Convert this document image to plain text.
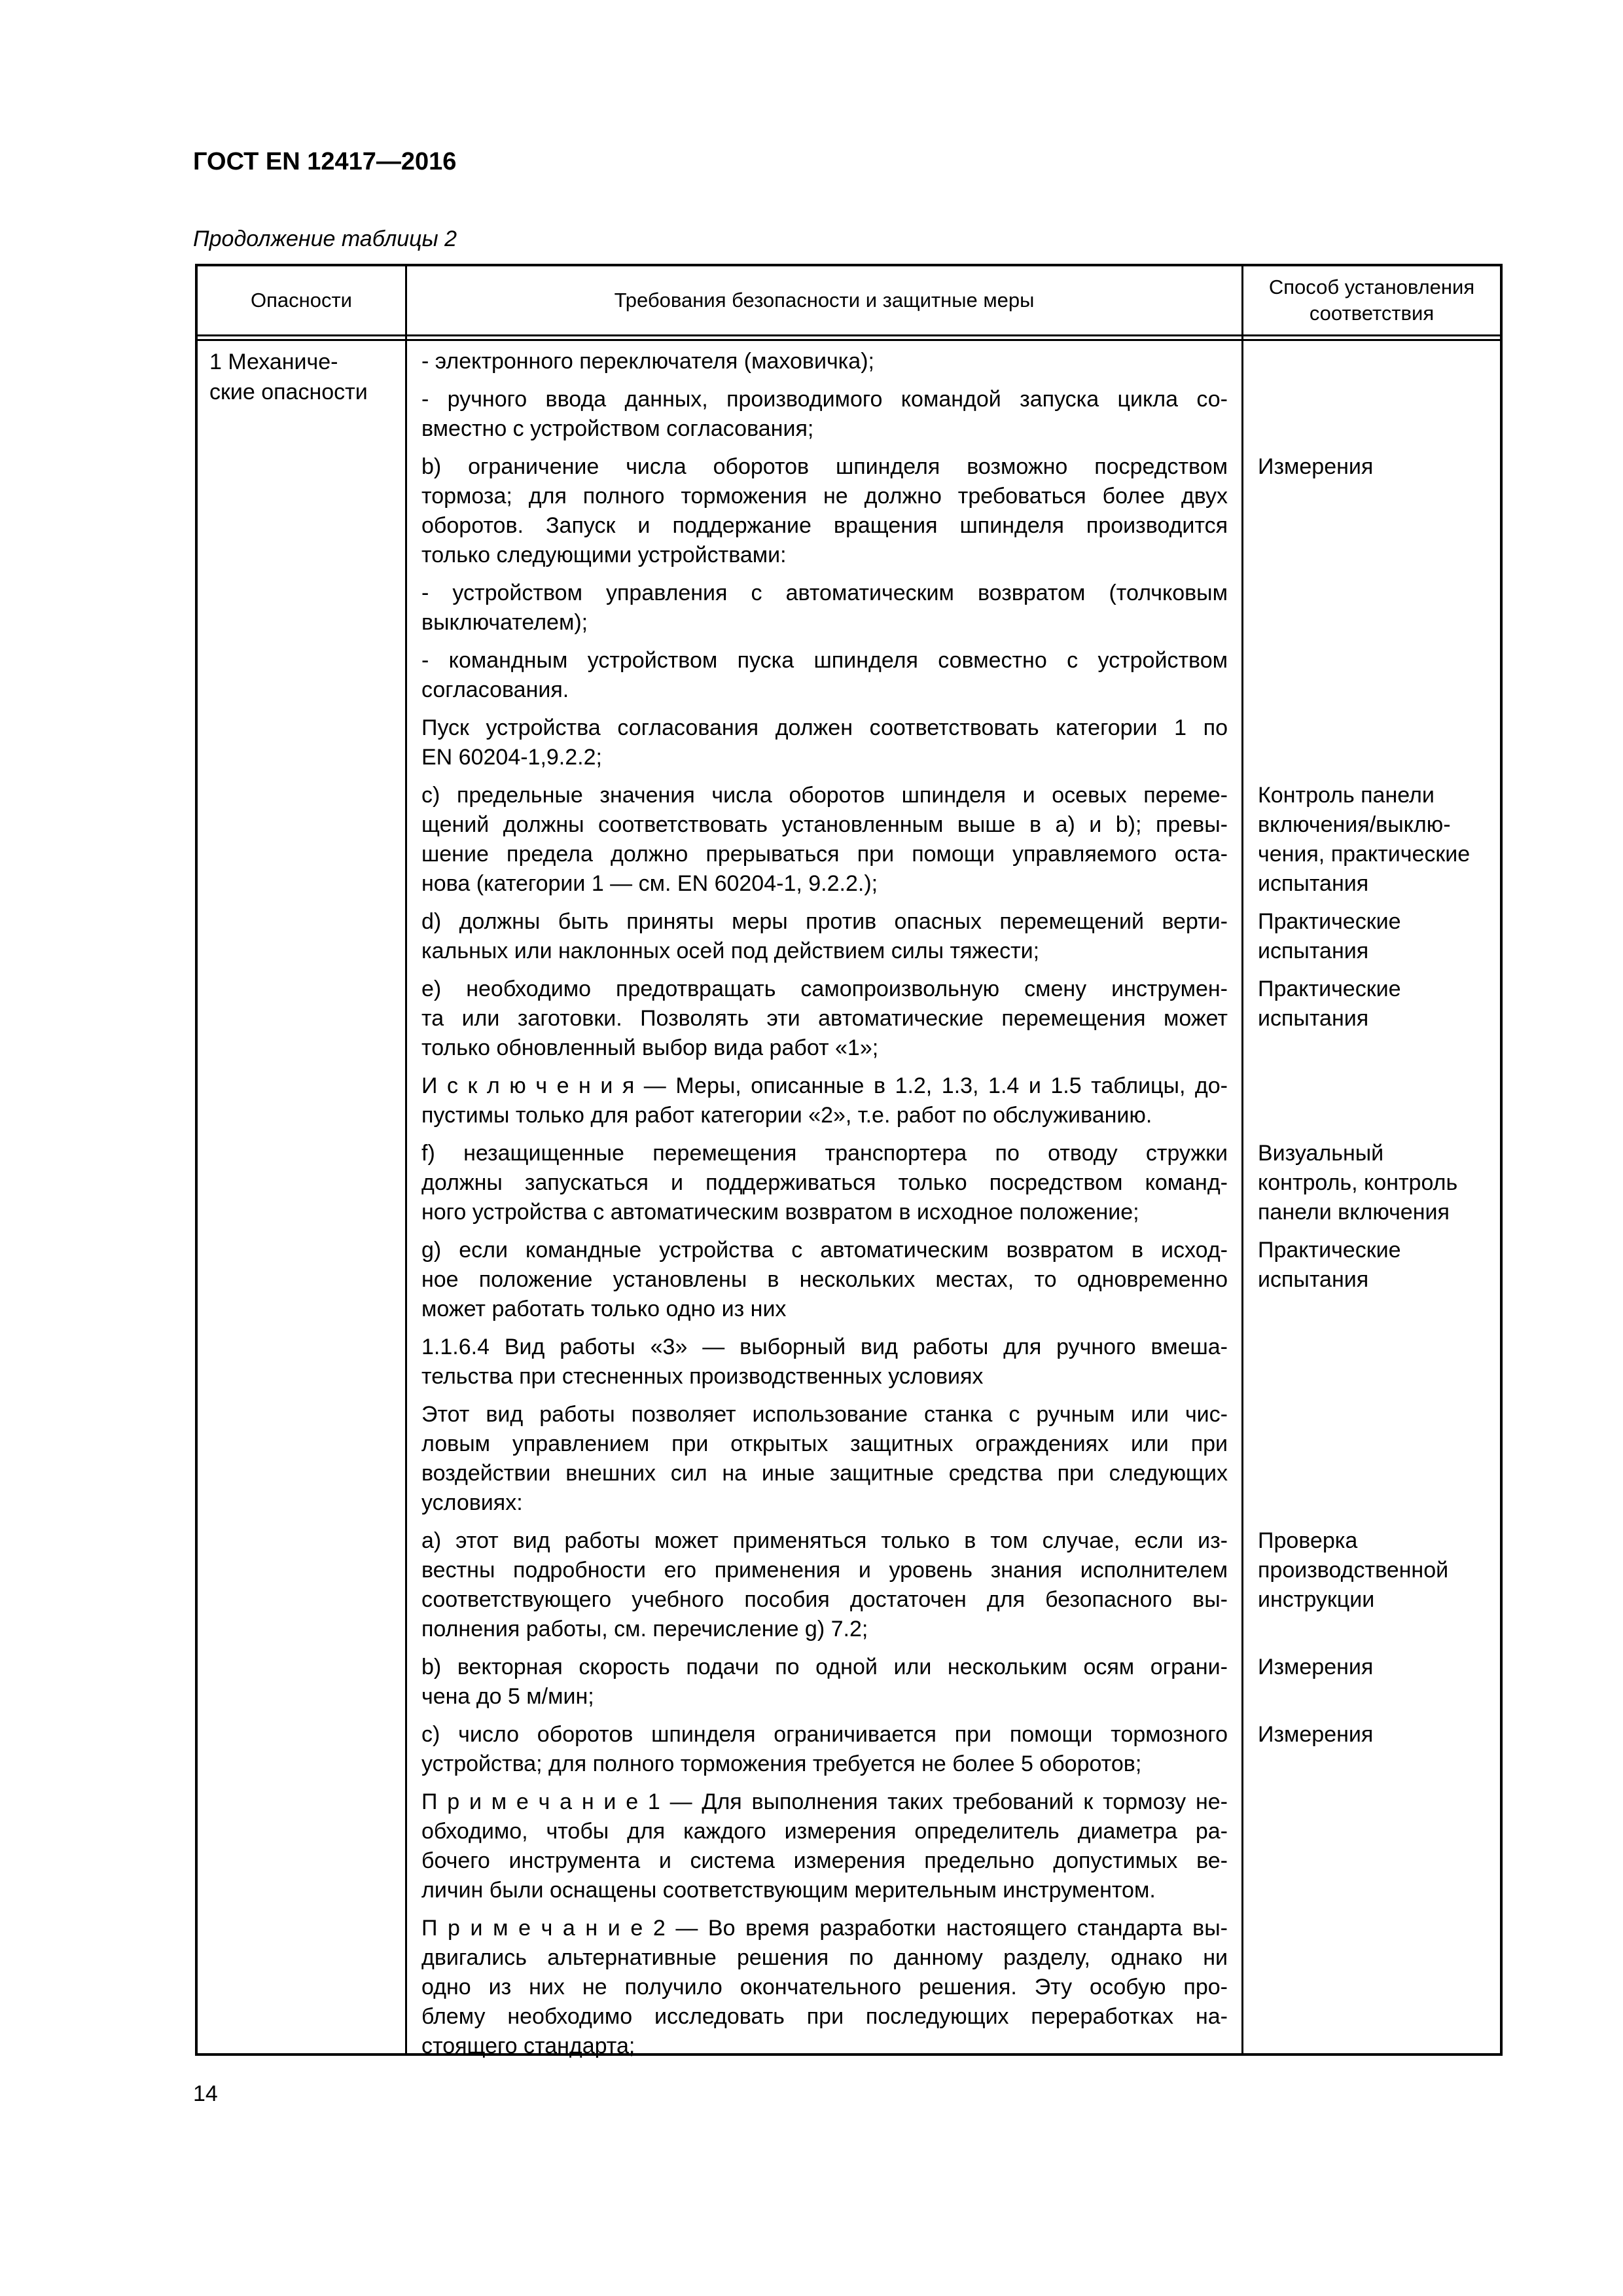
ГОСТ EN 12417—2016

Продолжение таблицы 2

Опасности	Требования безопасности и защитные меры
Способ установления
соответствия
1 Механиче-
ские опасности
- электронного переключателя (маховичка);
- ручного ввода данных, производимого командой запуска цикла со-
вместно с устройством согласования;
b) ограничение числа оборотов шпинделя возможно посредством
тормоза; для полного торможения не должно требоваться более двух
оборотов. Запуск и поддержание вращения шпинделя производится
только следующими устройствами:
- устройством управления с автоматическим возвратом (толчковым
выключателем);
- командным устройством пуска шпинделя совместно с устройством
согласования.
Пуск устройства согласования должен соответствовать категории 1 по
EN 60204-1,9.2.2;
c) предельные значения числа оборотов шпинделя и осевых переме-
щений должны соответствовать установленным выше в а) и b); превы-
шение предела должно прерываться при помощи управляемого оста-
нова (категории 1 — см. EN 60204-1, 9.2.2.);
d) должны быть приняты меры против опасных перемещений верти-
кальных или наклонных осей под действием силы тяжести;
e) необходимо предотвращать самопроизвольную смену инструмен-
та или заготовки. Позволять эти автоматические перемещения может
только обновленный выбор вида работ «1»;
И с к л ю ч е н и я — Меры, описанные в 1.2, 1.3, 1.4 и 1.5 таблицы, до-
пустимы только для работ категории «2», т.е. работ по обслуживанию.
f) незащищенные перемещения транспортера по отводу стружки
должны запускаться и поддерживаться только посредством команд-
ного устройства с автоматическим возвратом в исходное положение;
g) если командные устройства с автоматическим возвратом в исход-
ное положение установлены в нескольких местах, то одновременно
может работать только одно из них
1.1.6.4 Вид работы «3» — выборный вид работы для ручного вмеша-
тельства при стесненных производственных условиях
Этот вид работы позволяет использование станка с ручным или чис-
ловым управлением при открытых защитных ограждениях или при
воздействии внешних сил на иные защитные средства при следующих
условиях:
a) этот вид работы может применяться только в том случае, если из-
вестны подробности его применения и уровень знания исполнителем
соответствующего учебного пособия достаточен для безопасного вы-
полнения работы, см. перечисление g) 7.2;
b) векторная скорость подачи по одной или нескольким осям ограни-
чена до 5 м/мин;
c) число оборотов шпинделя ограничивается при помощи тормозного
устройства; для полного торможения требуется не более 5 оборотов;
П р и м е ч а н и е 1 — Для выполнения таких требований к тормозу не-
обходимо, чтобы для каждого измерения определитель диаметра ра-
бочего инструмента и система измерения предельно допустимых ве-
личин были оснащены соответствующим мерительным инструментом.
П р и м е ч а н и е 2 — Во время разработки настоящего стандарта вы-
двигались альтернативные решения по данному разделу, однако ни
одно из них не получило окончательного решения. Эту особую про-
блему необходимо исследовать при последующих переработках на-
стоящего стандарта;
Измерения
Контроль панели
включения/выклю-
чения, практические
испытания
Практические
испытания
Практические
испытания
Визуальный
контроль, контроль
панели включения
Практические
испытания
Проверка
производственной
инструкции
Измерения
Измерения

14
